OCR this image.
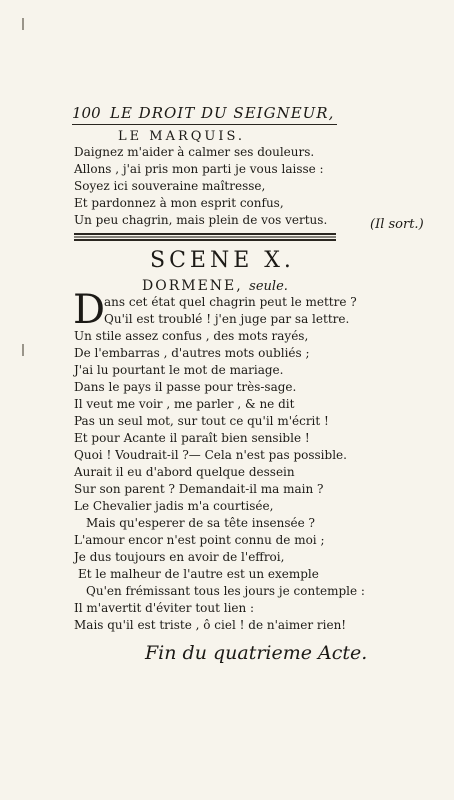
100 LE DROIT DU SEIGNEUR,
LE MARQUIS.
Daignez m'aider à calmer ses douleurs.
Allons , j'ai pris mon parti je vous laisse :
Soyez ici souveraine maîtresse,
Et pardonnez à mon esprit confus,
Un peu chagrin, mais plein de vos vertus.	(Il sort.)
SCENE X.
DORMENE, seule.
D
ans cet état quel chagrin peut le mettre ?
Qu'il est troublé ! j'en juge par sa lettre.
Un stile assez confus , des mots rayés,
De l'embarras , d'autres mots oubliés ;
J'ai lu pourtant le mot de mariage.
Dans le pays il passe pour très-sage.
Il veut me voir , me parler , & ne dit
Pas un seul mot, sur tout ce qu'il m'écrit !
Et pour Acante il paraît bien sensible !
Quoi ! Voudrait-il ?— Cela n'est pas possible.
Aurait il eu d'abord quelque dessein
Sur son parent ? Demandait-il ma main ?
Le Chevalier jadis m'a courtisée,
Mais qu'esperer de sa tête insensée ?
L'amour encor n'est point connu de moi ;
Je dus toujours en avoir de l'effroi,
Et le malheur de l'autre est un exemple
Qu'en frémissant tous les jours je contemple :
Il m'avertit d'éviter tout lien :
Mais qu'il est triste , ô ciel ! de n'aimer rien!
Fin du quatrieme Acte.
